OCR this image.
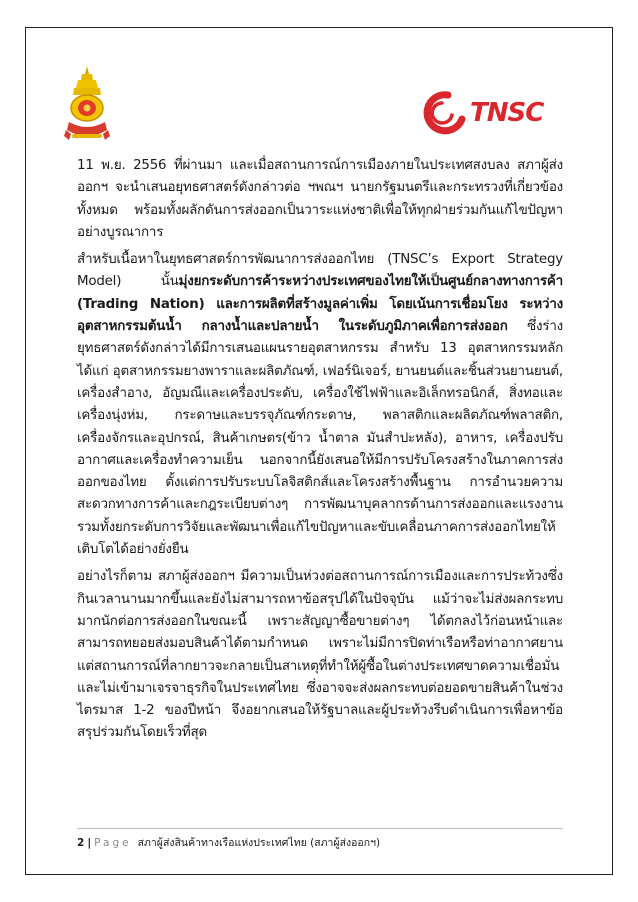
TNSC

11 พ.ย. 2556 ที่ผ่านมา และเมื่อสถานการณ์การเมืองภายในประเทศสงบลง สภาผู้ส่งออกฯ จะนำเสนอยุทธศาสตร์ดังกล่าวต่อ ฯพณฯ นายกรัฐมนตรีและกระทรวงที่เกี่ยวข้องทั้งหมด พร้อมทั้งผลักดันการส่งออกเป็นวาระแห่งชาติเพื่อให้ทุกฝ่ายร่วมกันแก้ไขปัญหาอย่างบูรณาการ

สำหรับเนื้อหาในยุทธศาสตร์การพัฒนาการส่งออกไทย (TNSC’s Export Strategy Model) นั้นมุ่งยกระดับการค้าระหว่างประเทศของไทยให้เป็นศูนย์กลางทางการค้า (Trading Nation) และการผลิตที่สร้างมูลค่าเพิ่ม โดยเน้นการเชื่อมโยง ระหว่างอุตสาหกรรมต้นน้ำ กลางน้ำและปลายน้ำ ในระดับภูมิภาคเพื่อการส่งออก ซึ่งร่างยุทธศาสตร์ดังกล่าวได้มีการเสนอแผนรายอุตสาหกรรม สำหรับ 13 อุตสาหกรรมหลัก ได้แก่ อุตสาหกรรมยางพาราและผลิตภัณฑ์, เฟอร์นิเจอร์, ยานยนต์และชิ้นส่วนยานยนต์, เครื่องสำอาง, อัญมณีและเครื่องประดับ, เครื่องใช้ไฟฟ้าและอิเล็กทรอนิกส์, สิ่งทอและเครื่องนุ่งห่ม, กระดาษและบรรจุภัณฑ์กระดาษ, พลาสติกและผลิตภัณฑ์พลาสติก, เครื่องจักรและอุปกรณ์, สินค้าเกษตร(ข้าว น้ำตาล มันสำปะหลัง), อาหาร, เครื่องปรับอากาศและเครื่องทำความเย็น นอกจากนี้ยังเสนอให้มีการปรับโครงสร้างในภาคการส่งออกของไทย ตั้งแต่การปรับระบบโลจิสติกส์และโครงสร้างพื้นฐาน การอำนวยความสะดวกทางการค้าและกฎระเบียบต่างๆ การพัฒนาบุคลากรด้านการส่งออกและแรงงาน รวมทั้งยกระดับการวิจัยและพัฒนาเพื่อแก้ไขปัญหาและขับเคลื่อนภาคการส่งออกไทยให้เติบโตได้อย่างยั่งยืน

อย่างไรก็ตาม สภาผู้ส่งออกฯ มีความเป็นห่วงต่อสถานการณ์การเมืองและการประท้วงซึ่งกินเวลานานมากขึ้นและยังไม่สามารถหาข้อสรุปได้ในปัจจุบัน แม้ว่าจะไม่ส่งผลกระทบมากนักต่อการส่งออกในขณะนี้ เพราะสัญญาซื้อขายต่างๆ ได้ตกลงไว้ก่อนหน้าและสามารถทยอยส่งมอบสินค้าได้ตามกำหนด เพราะไม่มีการปิดท่าเรือหรือท่าอากาศยาน แต่สถานการณ์ที่ลากยาวจะกลายเป็นสาเหตุที่ทำให้ผู้ซื้อในต่างประเทศขาดความเชื่อมั่น และไม่เข้ามาเจรจาธุรกิจในประเทศไทย ซึ่งอาจจะส่งผลกระทบต่อยอดขายสินค้าในช่วงไตรมาส 1-2 ของปีหน้า จึงอยากเสนอให้รัฐบาลและผู้ประท้วงรีบดำเนินการเพื่อหาข้อสรุปร่วมกันโดยเร็วที่สุด

2 | Page สภาผู้ส่งสินค้าทางเรือแห่งประเทศไทย (สภาผู้ส่งออกฯ)
